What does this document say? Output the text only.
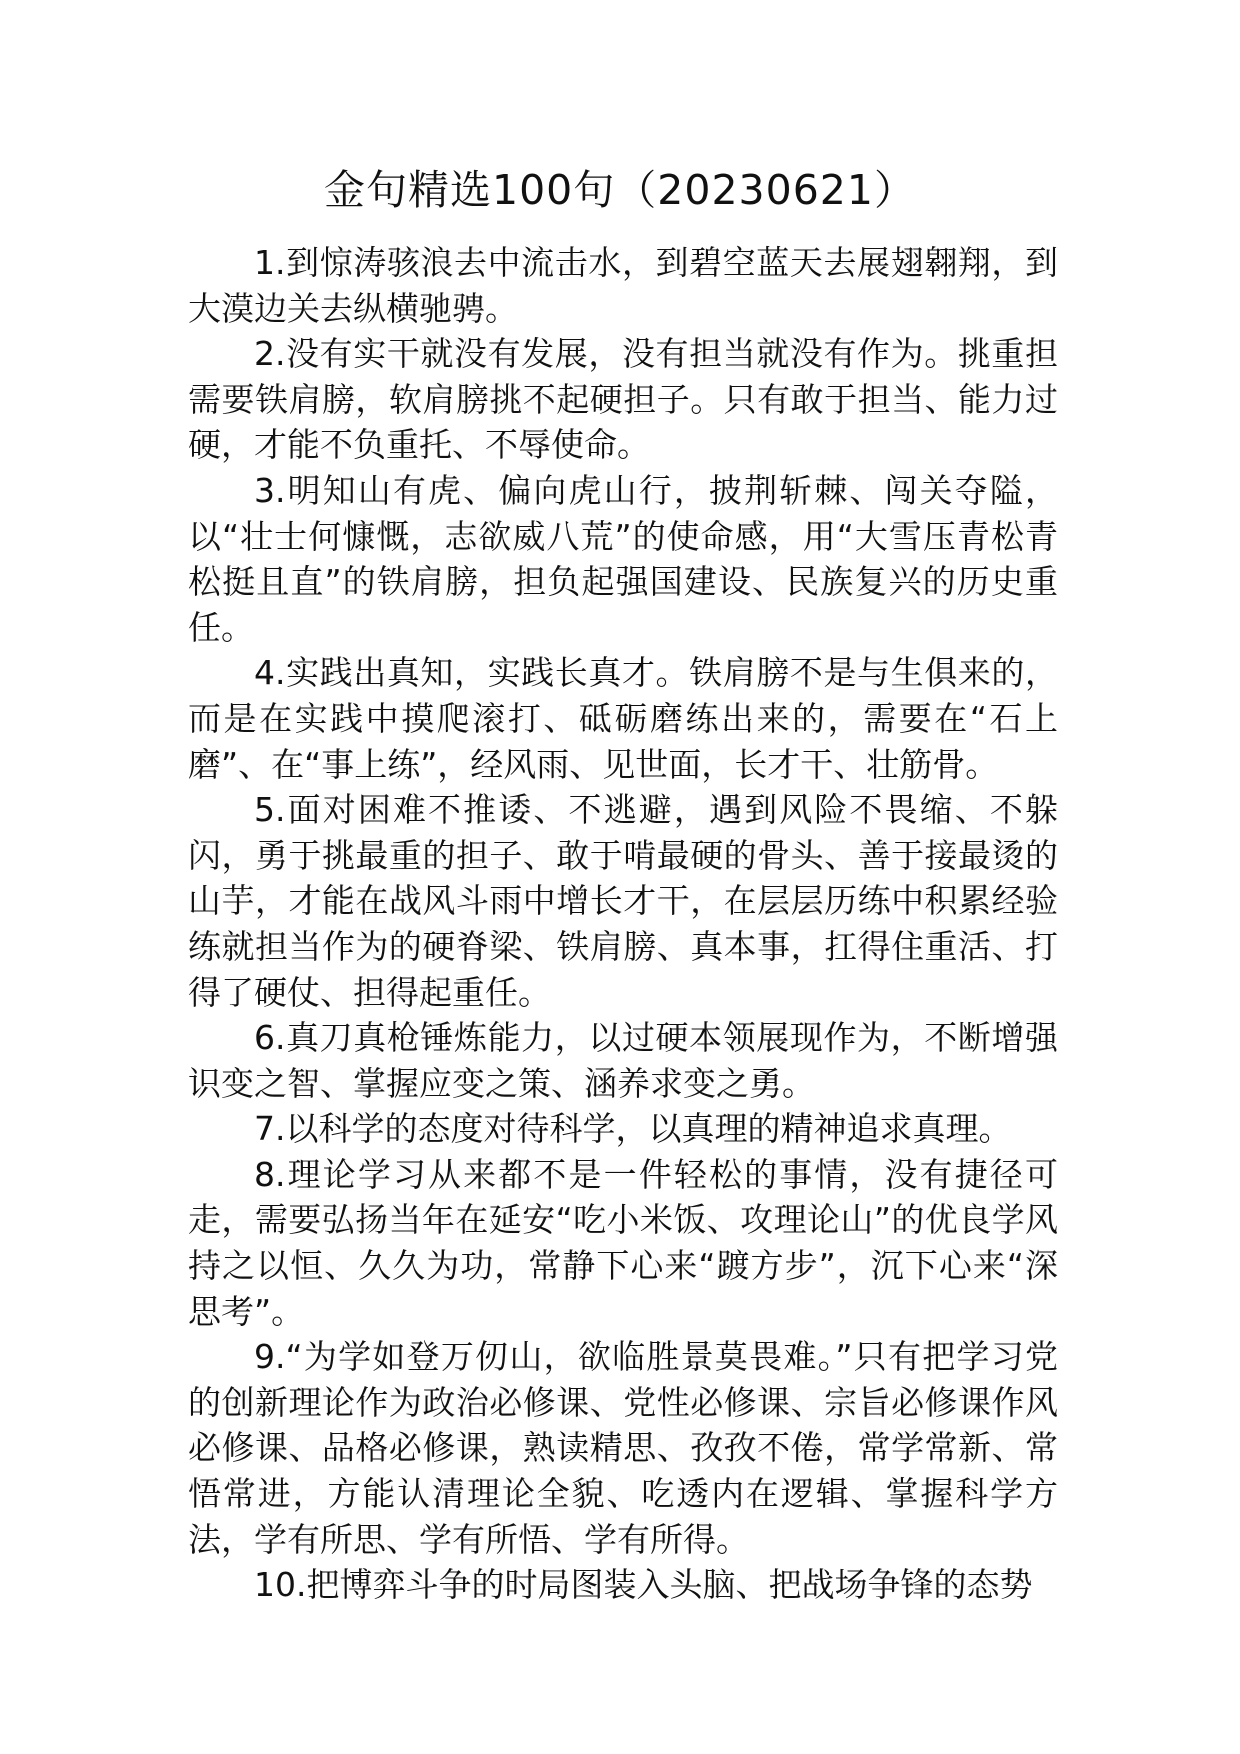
金句精选100句（20230621）

1.到惊涛骇浪去中流击水，到碧空蓝天去展翅翱翔，到大漠边关去纵横驰骋。

2.没有实干就没有发展，没有担当就没有作为。挑重担需要铁肩膀，软肩膀挑不起硬担子。只有敢于担当、能力过硬，才能不负重托、不辱使命。

3.明知山有虎、偏向虎山行，披荆斩棘、闯关夺隘，以“壮士何慷慨，志欲威八荒”的使命感，用“大雪压青松青松挺且直”的铁肩膀，担负起强国建设、民族复兴的历史重任。

4.实践出真知，实践长真才。铁肩膀不是与生俱来的，而是在实践中摸爬滚打、砥砺磨练出来的，需要在“石上磨”、在“事上练”，经风雨、见世面，长才干、壮筋骨。

5.面对困难不推诿、不逃避，遇到风险不畏缩、不躲闪，勇于挑最重的担子、敢于啃最硬的骨头、善于接最烫的山芋，才能在战风斗雨中增长才干，在层层历练中积累经验练就担当作为的硬脊梁、铁肩膀、真本事，扛得住重活、打得了硬仗、担得起重任。

6.真刀真枪锤炼能力，以过硬本领展现作为，不断增强识变之智、掌握应变之策、涵养求变之勇。

7.以科学的态度对待科学，以真理的精神追求真理。

8.理论学习从来都不是一件轻松的事情，没有捷径可走，需要弘扬当年在延安“吃小米饭、攻理论山”的优良学风持之以恒、久久为功，常静下心来“踱方步”，沉下心来“深思考”。

9.“为学如登万仞山，欲临胜景莫畏难。”只有把学习党的创新理论作为政治必修课、党性必修课、宗旨必修课作风必修课、品格必修课，熟读精思、孜孜不倦，常学常新、常悟常进，方能认清理论全貌、吃透内在逻辑、掌握科学方法，学有所思、学有所悟、学有所得。

10.把博弈斗争的时局图装入头脑、把战场争锋的态势
